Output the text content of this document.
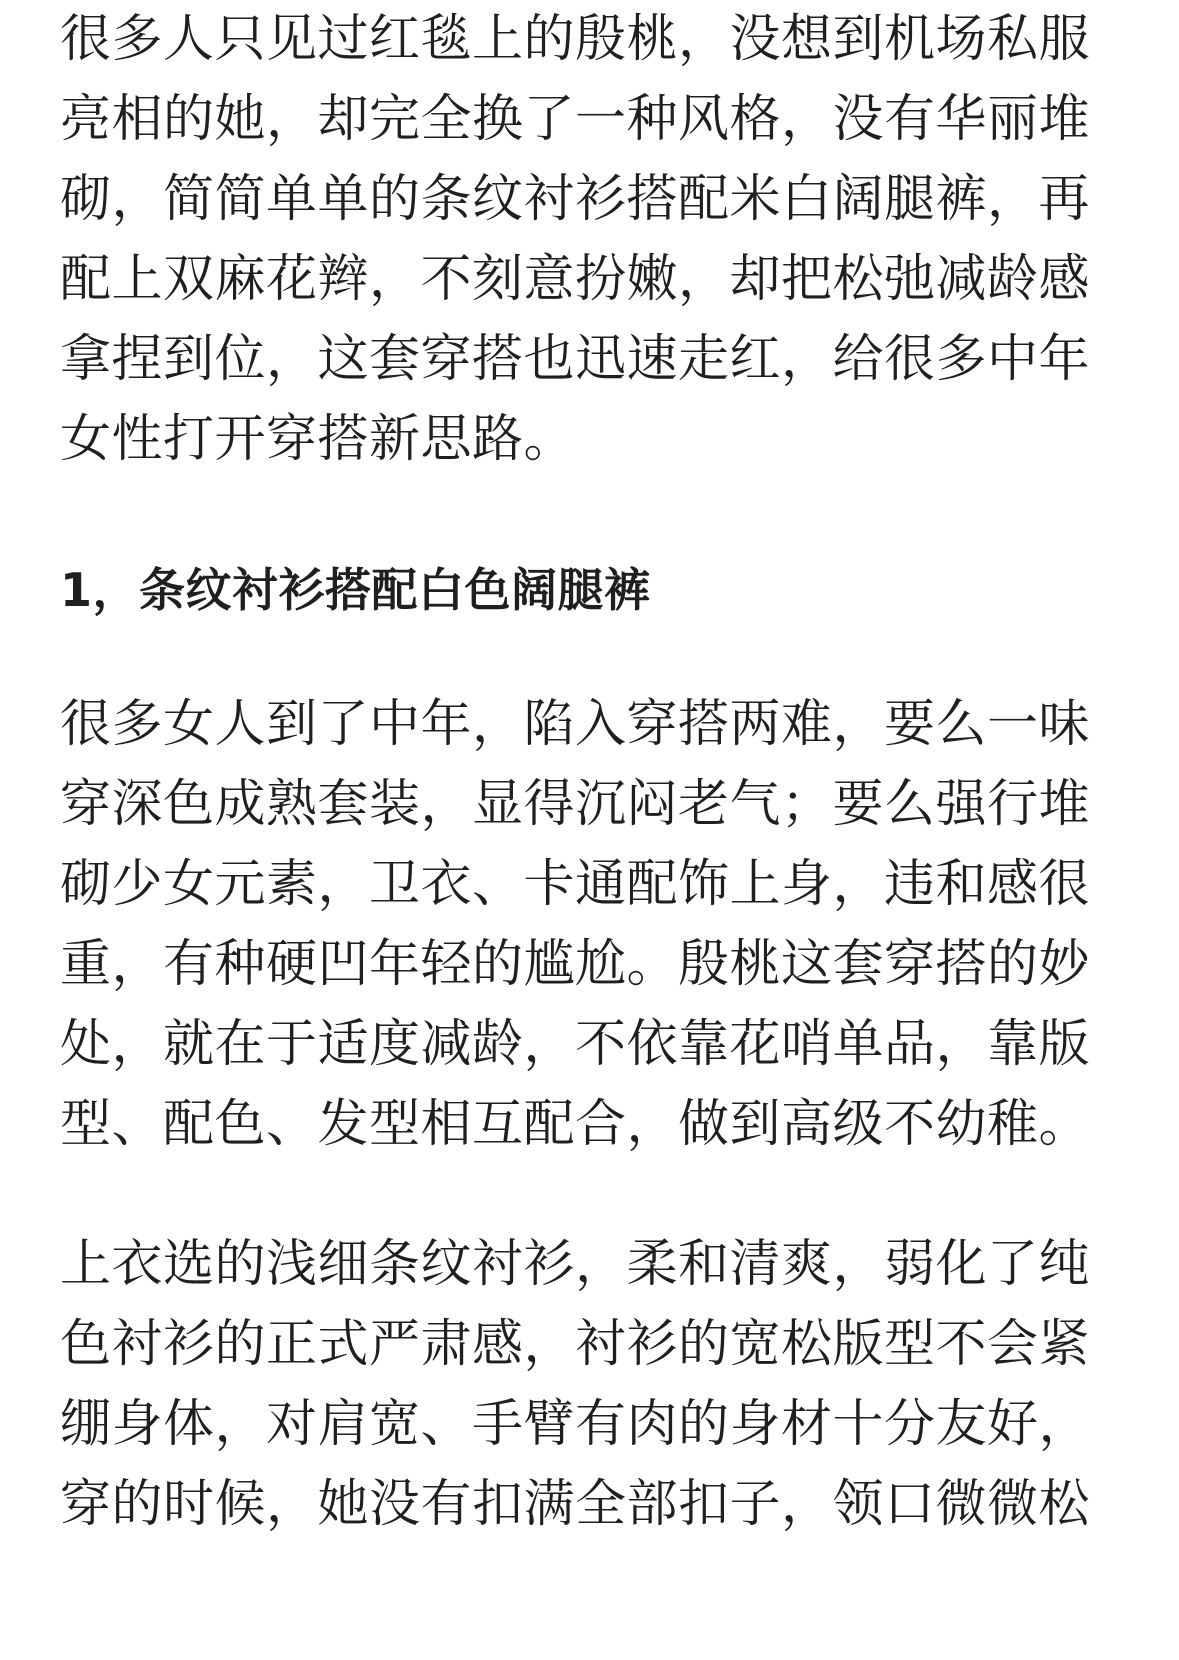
很多人只见过红毯上的殷桃，没想到机场私服
亮相的她，却完全换了一种风格，没有华丽堆
砌，简简单单的条纹衬衫搭配米白阔腿裤，再
配上双麻花辫，不刻意扮嫩，却把松弛减龄感
拿捏到位，这套穿搭也迅速走红，给很多中年
女性打开穿搭新思路。

1，条纹衬衫搭配白色阔腿裤

很多女人到了中年，陷入穿搭两难，要么一味
穿深色成熟套装，显得沉闷老气；要么强行堆
砌少女元素，卫衣、卡通配饰上身，违和感很
重，有种硬凹年轻的尴尬。殷桃这套穿搭的妙
处，就在于适度减龄，不依靠花哨单品，靠版
型、配色、发型相互配合，做到高级不幼稚。

上衣选的浅细条纹衬衫，柔和清爽，弱化了纯
色衬衫的正式严肃感，衬衫的宽松版型不会紧
绷身体，对肩宽、手臂有肉的身材十分友好，
穿的时候，她没有扣满全部扣子，领口微微松
